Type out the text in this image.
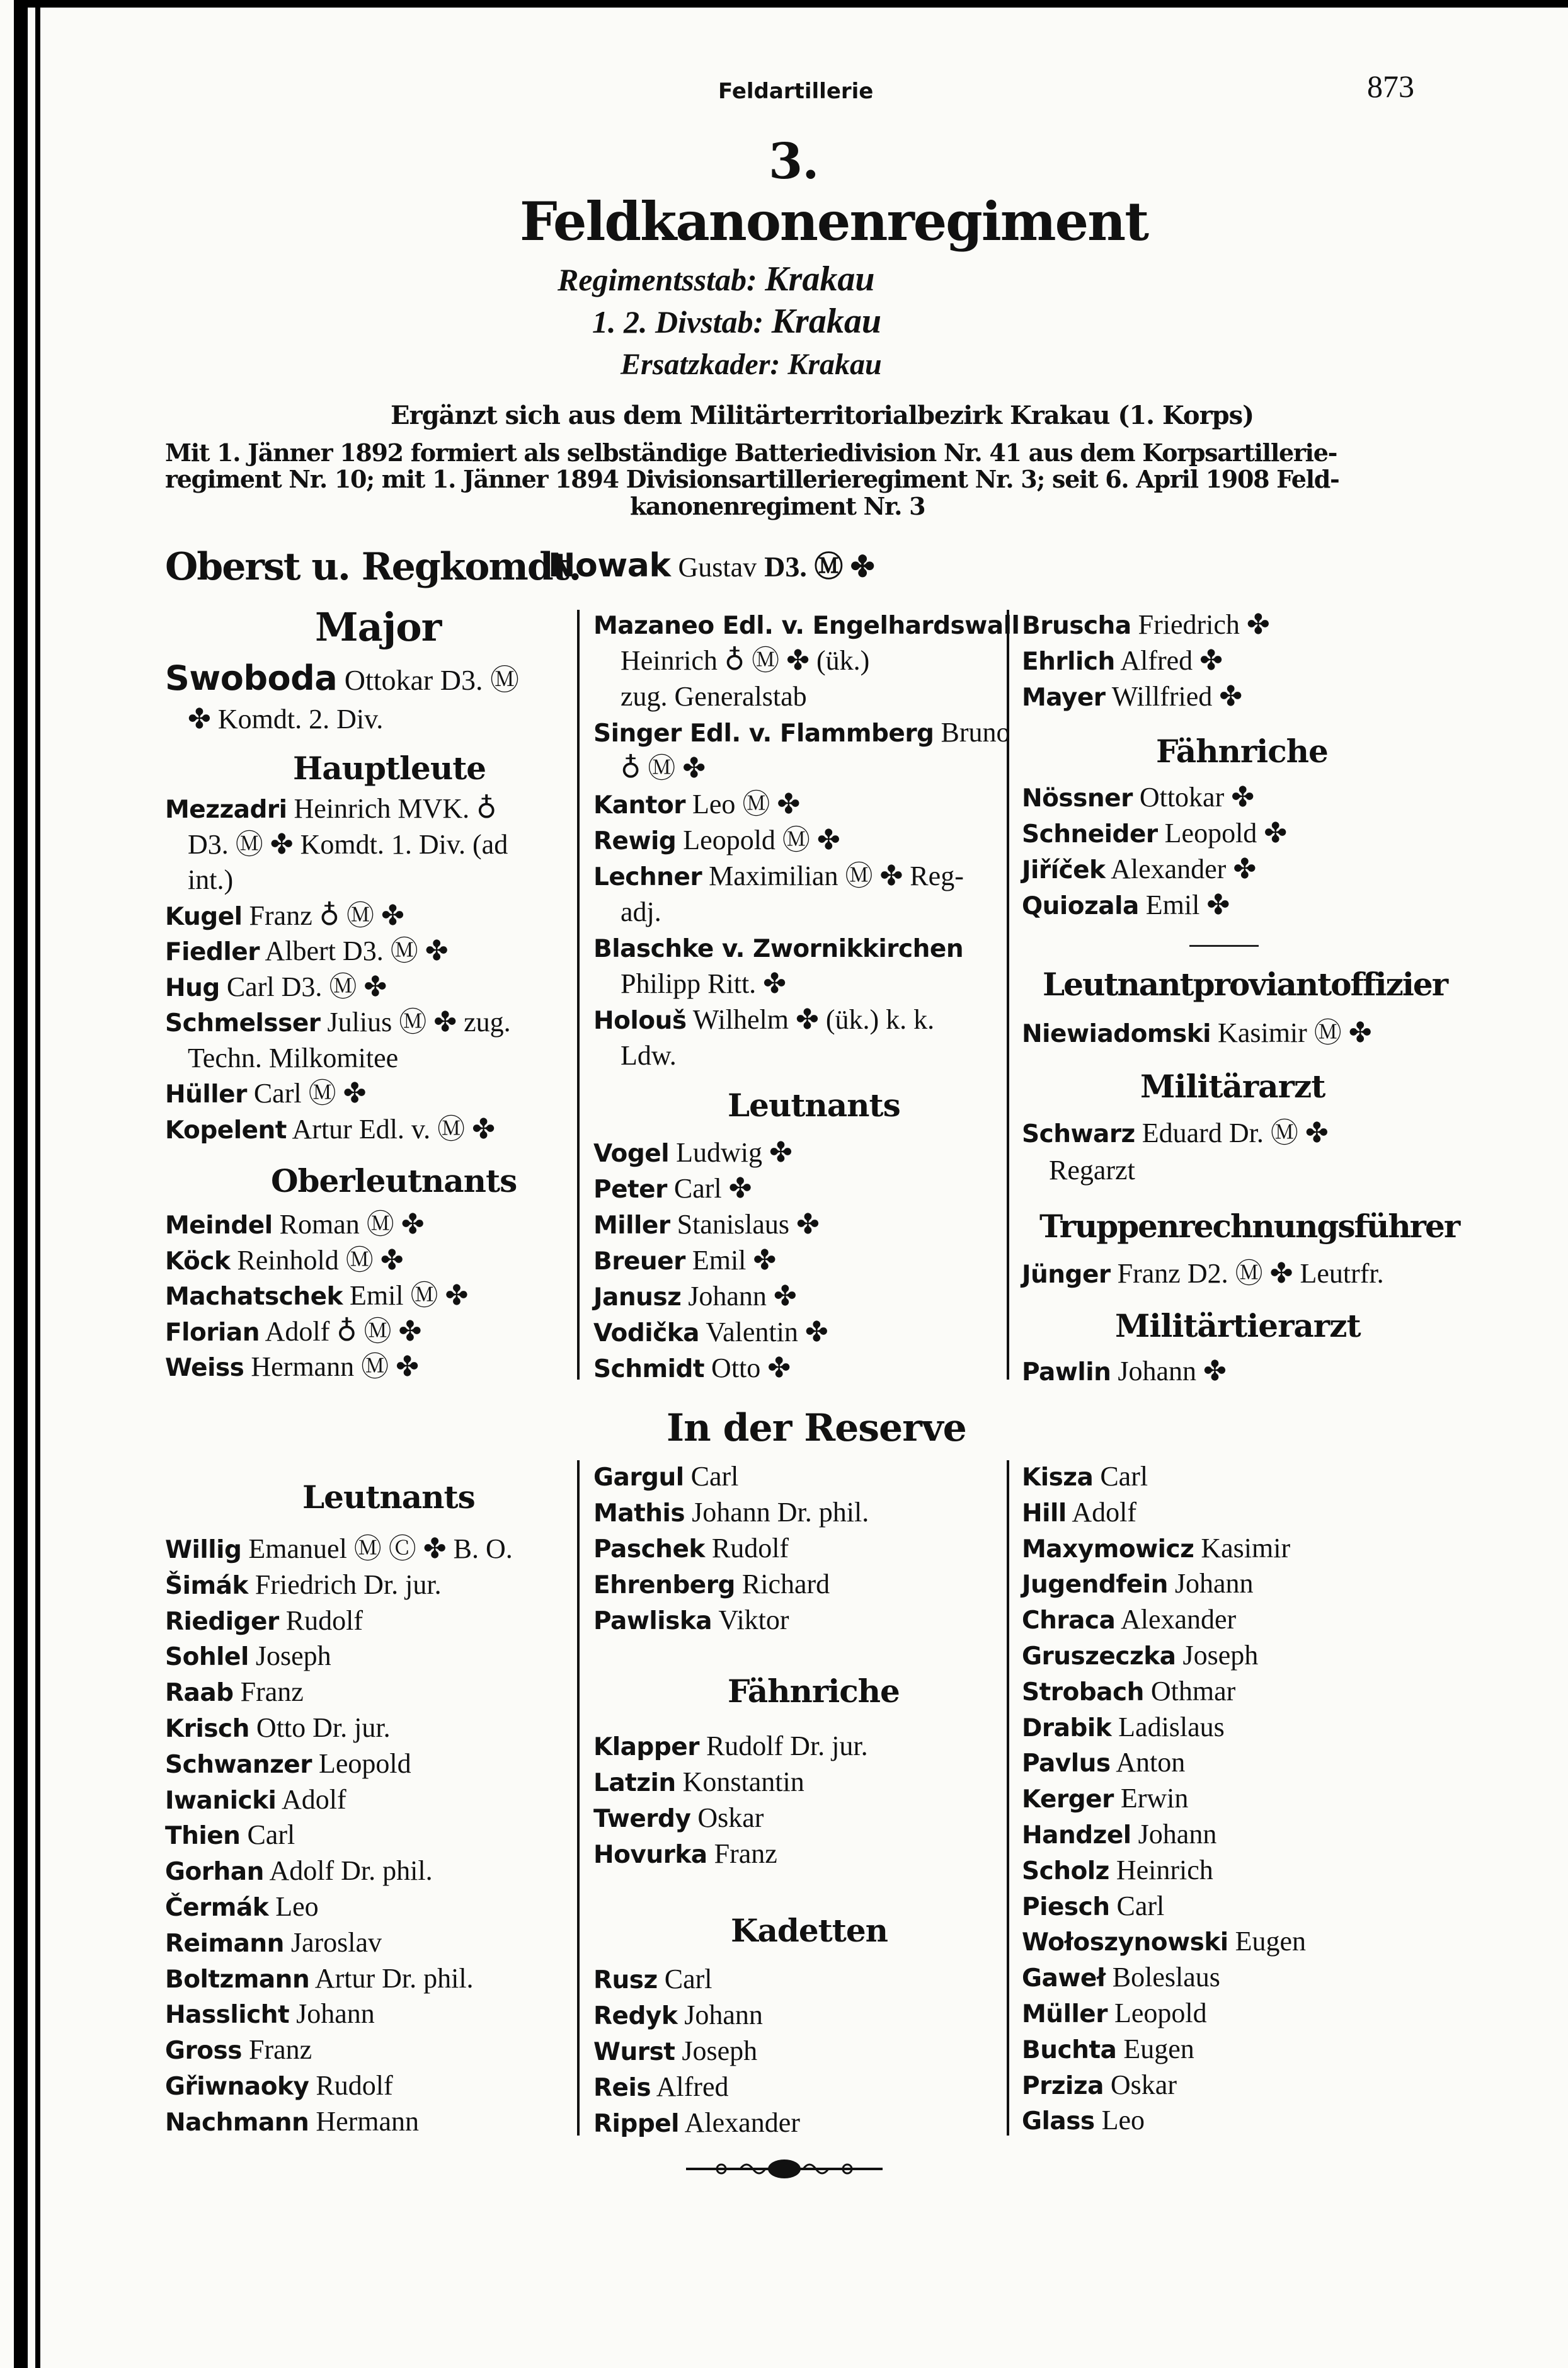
Feldartillerie	873
3.
Feldkanonenregiment
Regimentsstab: Krakau
1. 2. Divstab: Krakau
Ersatzkader: Krakau
Ergänzt sich aus dem Militärterritorialbezirk Krakau (1. Korps)
Mit 1. Jänner 1892 formiert als selbständige Batteriedivision Nr. 41 aus dem Korpsartillerie-
regiment Nr. 10; mit 1. Jänner 1894 Divisionsartillerieregiment Nr. 3; seit 6. April 1908 Feld-
kanonenregiment Nr. 3
Oberst u. Regkomdt.
Nowak Gustav D3. Ⓜ ✤
Major
Swoboda Ottokar D3. Ⓜ
✤ Komdt. 2. Div.
Hauptleute
Mezzadri Heinrich MVK. ♁
D3. Ⓜ ✤ Komdt. 1. Div. (ad
int.)
Kugel Franz ♁ Ⓜ ✤
Fiedler Albert D3. Ⓜ ✤
Hug Carl D3. Ⓜ ✤
Schmelsser Julius Ⓜ ✤ zug.
Techn. Milkomitee
Hüller Carl Ⓜ ✤
Kopelent Artur Edl. v. Ⓜ ✤
Oberleutnants
Meindel Roman Ⓜ ✤
Köck Reinhold Ⓜ ✤
Machatschek Emil Ⓜ ✤
Florian Adolf ♁ Ⓜ ✤
Weiss Hermann Ⓜ ✤
Mazaneo Edl. v. Engelhardswall
Heinrich ♁ Ⓜ ✤ (ük.)
zug. Generalstab
Singer Edl. v. Flammberg Bruno
♁ Ⓜ ✤
Kantor Leo Ⓜ ✤
Rewig Leopold Ⓜ ✤
Lechner Maximilian Ⓜ ✤ Reg-
adj.
Blaschke v. Zwornikkirchen
Philipp Ritt. ✤
Holouš Wilhelm ✤ (ük.) k. k.
Ldw.
Leutnants
Vogel Ludwig ✤
Peter Carl ✤
Miller Stanislaus ✤
Breuer Emil ✤
Janusz Johann ✤
Vodička Valentin ✤
Schmidt Otto ✤
Bruscha Friedrich ✤
Ehrlich Alfred ✤
Mayer Willfried ✤
Fähnriche
Nössner Ottokar ✤
Schneider Leopold ✤
Jiříček Alexander ✤
Quiozala Emil ✤
Leutnantproviantoffizier
Niewiadomski Kasimir Ⓜ ✤
Militärarzt
Schwarz Eduard Dr. Ⓜ ✤
Regarzt
Truppenrechnungsführer
Jünger Franz D2. Ⓜ ✤ Leutrfr.
Militärtierarzt
Pawlin Johann ✤
In der Reserve
Leutnants
Willig Emanuel Ⓜ Ⓒ ✤ B. O.
Šimák Friedrich Dr. jur.
Riediger Rudolf
Sohlel Joseph
Raab Franz
Krisch Otto Dr. jur.
Schwanzer Leopold
Iwanicki Adolf
Thien Carl
Gorhan Adolf Dr. phil.
Čermák Leo
Reimann Jaroslav
Boltzmann Artur Dr. phil.
Hasslicht Johann
Gross Franz
Gřiwnaoky Rudolf
Nachmann Hermann
Gargul Carl
Mathis Johann Dr. phil.
Paschek Rudolf
Ehrenberg Richard
Pawliska Viktor
Fähnriche
Klapper Rudolf Dr. jur.
Latzin Konstantin
Twerdy Oskar
Hovurka Franz
Kadetten
Rusz Carl
Redyk Johann
Wurst Joseph
Reis Alfred
Rippel Alexander
Kisza Carl
Hill Adolf
Maxymowicz Kasimir
Jugendfein Johann
Chraca Alexander
Gruszeczka Joseph
Strobach Othmar
Drabik Ladislaus
Pavlus Anton
Kerger Erwin
Handzel Johann
Scholz Heinrich
Piesch Carl
Wołoszynowski Eugen
Gaweł Boleslaus
Müller Leopold
Buchta Eugen
Prziza Oskar
Glass Leo
